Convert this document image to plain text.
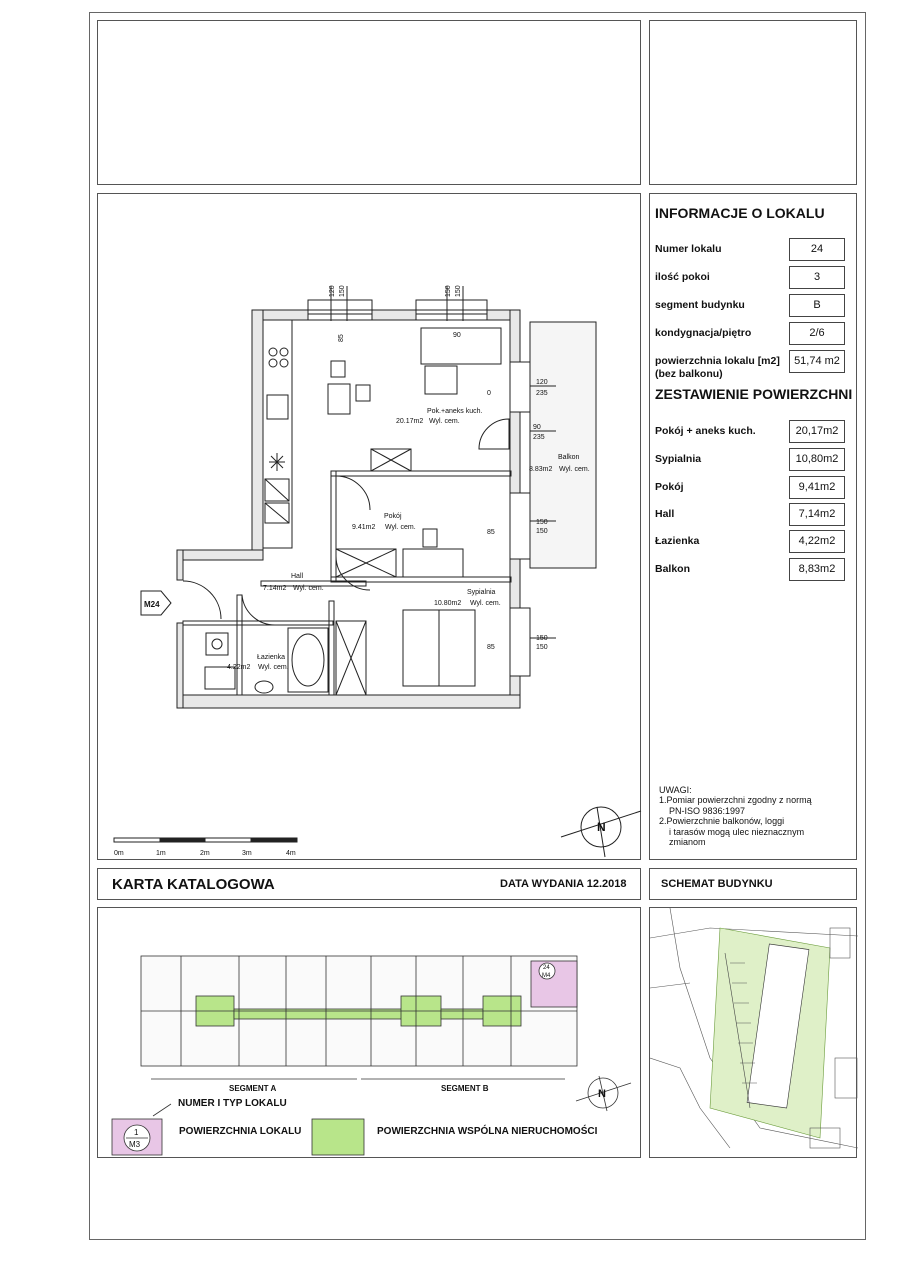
Pok.+aneks kuch.
20.17m2 Wyl. cem.
Balkon
8.83m2 Wyl. cem.
Pokój
9.41m2 Wyl. cem.
Hall
7.14m2 Wyl. cem.
Sypialnia
10.80m2 Wyl. cem.
Łazienka
4.22m2 Wyl. cem.
120
235
90
235
150
150
150
150
85
85
0
120 150	150 150
85	90
M24
0m	1m	2m	3m	4m
N
INFORMACJE O LOKALU
Numer lokalu	24
ilość pokoi	3
segment budynku	B
kondygnacja/piętro	2/6
powierzchnia lokalu [m2]
(bez balkonu)
51,74 m2
ZESTAWIENIE POWIERZCHNI
Pokój + aneks kuch.	20,17m2
Sypialnia	10,80m2
Pokój	9,41m2
Hall	7,14m2
Łazienka	4,22m2
Balkon	8,83m2
UWAGI:
1.Pomiar powierzchni zgodny z normą
PN-ISO 9836:1997
2.Powierzchnie balkonów, loggi
i tarasów mogą ulec nieznacznym
zmianom
KARTA KATALOGOWA	DATA WYDANIA 12.2018	SCHEMAT BUDYNKU
SEGMENT A	SEGMENT B
24
M4
1
M3
N
NUMER I TYP LOKALU
POWIERZCHNIA LOKALU	POWIERZCHNIA WSPÓLNA NIERUCHOMOŚCI
